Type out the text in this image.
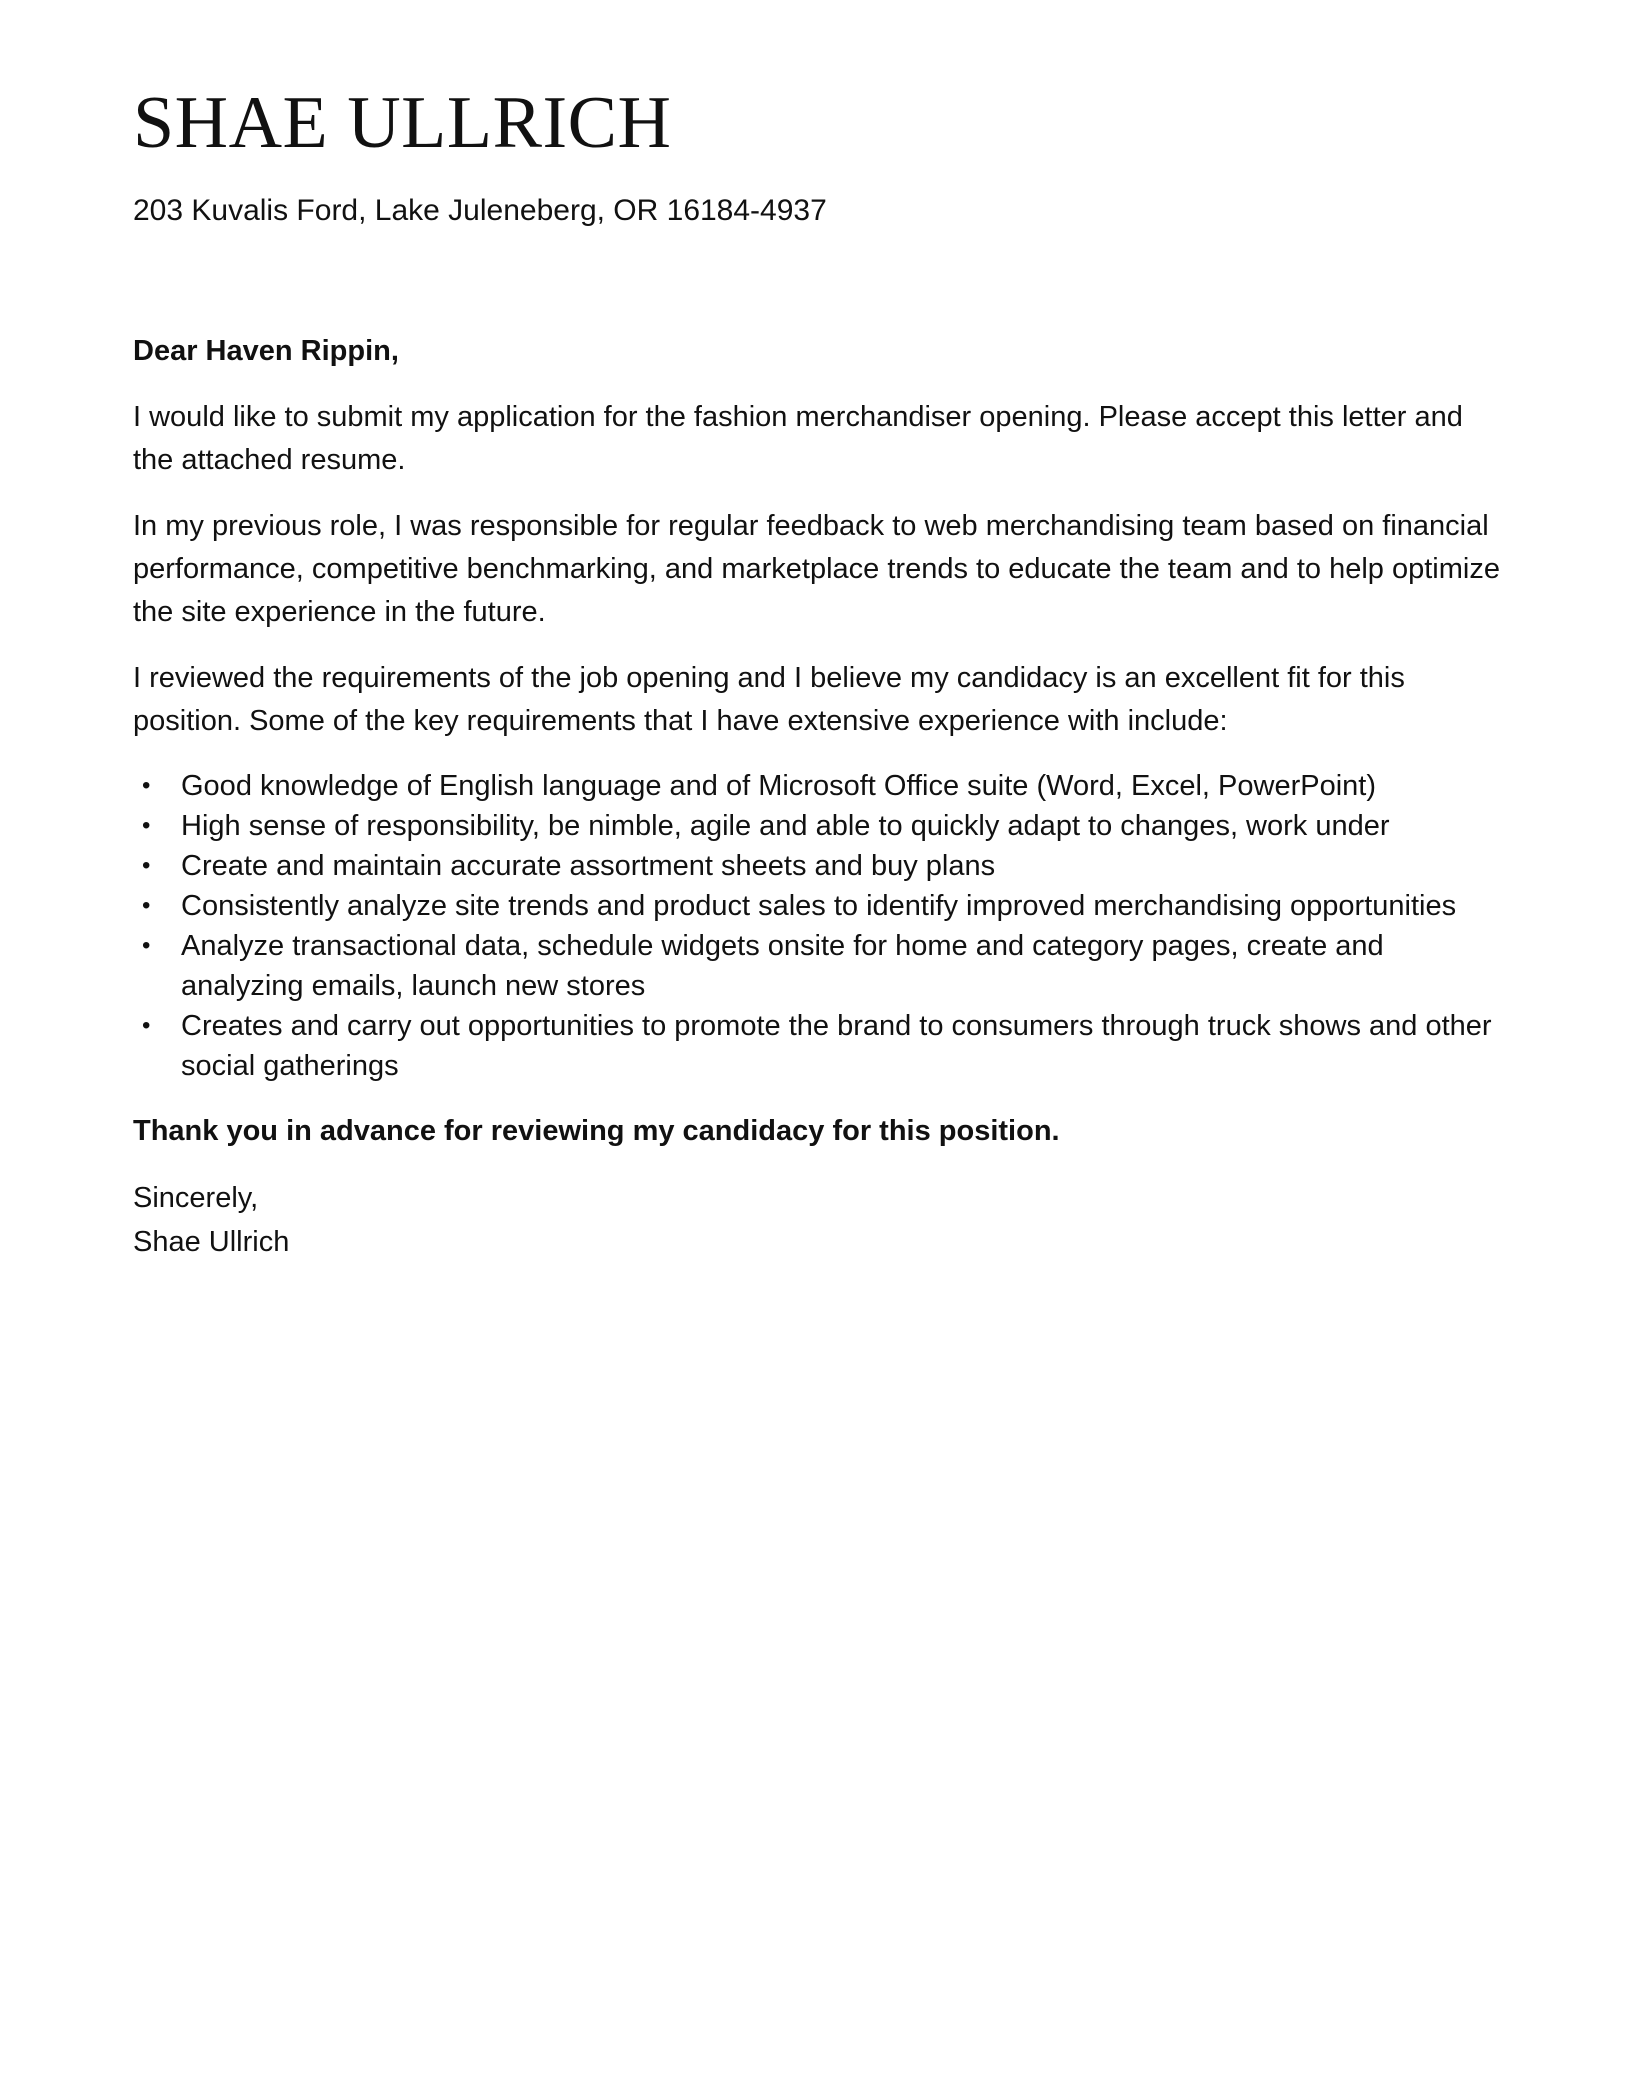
SHAE ULLRICH
203 Kuvalis Ford, Lake Juleneberg, OR 16184-4937

Dear Haven Rippin,

I would like to submit my application for the fashion merchandiser opening. Please accept this letter and the attached resume.

In my previous role, I was responsible for regular feedback to web merchandising team based on financial performance, competitive benchmarking, and marketplace trends to educate the team and to help optimize the site experience in the future.

I reviewed the requirements of the job opening and I believe my candidacy is an excellent fit for this position. Some of the key requirements that I have extensive experience with include:

• Good knowledge of English language and of Microsoft Office suite (Word, Excel, PowerPoint)
• High sense of responsibility, be nimble, agile and able to quickly adapt to changes, work under
• Create and maintain accurate assortment sheets and buy plans
• Consistently analyze site trends and product sales to identify improved merchandising opportunities
• Analyze transactional data, schedule widgets onsite for home and category pages, create and analyzing emails, launch new stores
• Creates and carry out opportunities to promote the brand to consumers through truck shows and other social gatherings

Thank you in advance for reviewing my candidacy for this position.

Sincerely,
Shae Ullrich
